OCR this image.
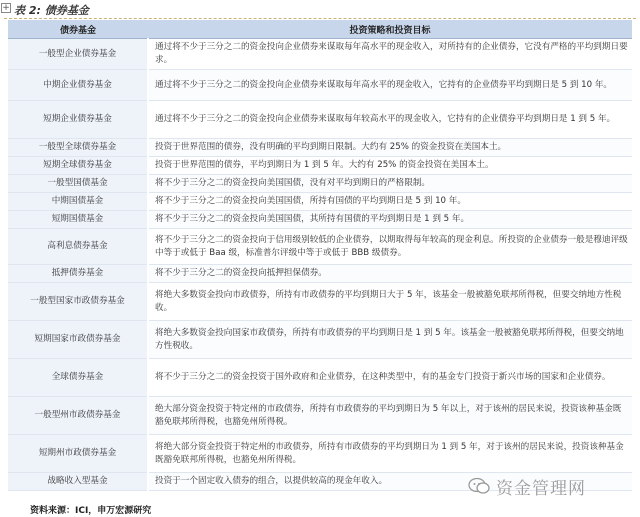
+ 表 2: 债券基金
债券基金	投资策略和投资目标
一般型企业债券基金	通过将不少于三分之二的资金投向企业债券来谋取每年高水平的现金收入，对所持有的企业债券，它没有严格的平均到期日要求。
中期企业债券基金	通过将不少于三分之二的资金投向企业债券来谋取每年高水平的现金收入，它持有的企业债券平均到期日是 5 到 10 年。
短期企业债券基金	通过将不少于三分之二的资金投向企业债券来谋取每年较高水平的现金收入，它持有的企业债券平均到期日是 1 到 5 年。
一般型全球债券基金	投资于世界范围的债券，没有明确的平均到期日限制。大约有 25% 的资金投资在美国本土。
短期全球债券基金	投资于世界范围的债券，平均到期日为 1 到 5 年。大约有 25% 的资金投资在美国本土。
一般型国债基金	将不少于三分之二的资金投向美国国债，没有对平均到期日的严格限制。
中期国债基金	将不少于三分之二的资金投向美国国债，所持有国债的平均到期日是 5 到 10 年。
短期国债基金	将不少于三分之二的资金投向美国国债，其所持有国债的平均到期日是 1 到 5 年。
高利息债券基金	将不少于三分之二的资金投向于信用级别较低的企业债券，以期取得每年较高的现金利息。所投资的企业债券一般是穆迪评级中等于或低于 Baa 级，标准普尔评级中等于或低于 BBB 级债券。
抵押债券基金	将不少于三分之二的资金投向抵押担保债券。
一般型国家市政债券基金	将绝大多数资金投向市政债券，所持有市政债券的平均到期日大于 5 年，该基金一般被豁免联邦所得税，但要交纳地方性税收。
短期国家市政债券基金	将绝大多数资金投向国家市政债券，所持有市政债券的平均到期日是 1 到 5 年。该基金一般被豁免联邦所得税，但要交纳地方性税收。
全球债券基金	将不少于三分之二的资金投资于国外政府和企业债券，在这种类型中，有的基金专门投资于新兴市场的国家和企业债券。
一般型州市政债券基金	绝大部分资金投资于特定州的市政债券，所持有市政债券的平均到期日为 5 年以上，对于该州的居民来说，投资该种基金既豁免联邦所得税，也豁免州所得税。
短期州市政债券基金	将绝大部分资金投资于特定州的市政债券，所持有市政债券的平均到期日为 1 到 5 年，对于该州的居民来说，投资该种基金既豁免联邦所得税，也豁免州所得税。
战略收入型基金	投资于一个固定收入债券的组合，以提供较高的现金年收入。	资金管理网
资料来源：ICI，申万宏源研究
